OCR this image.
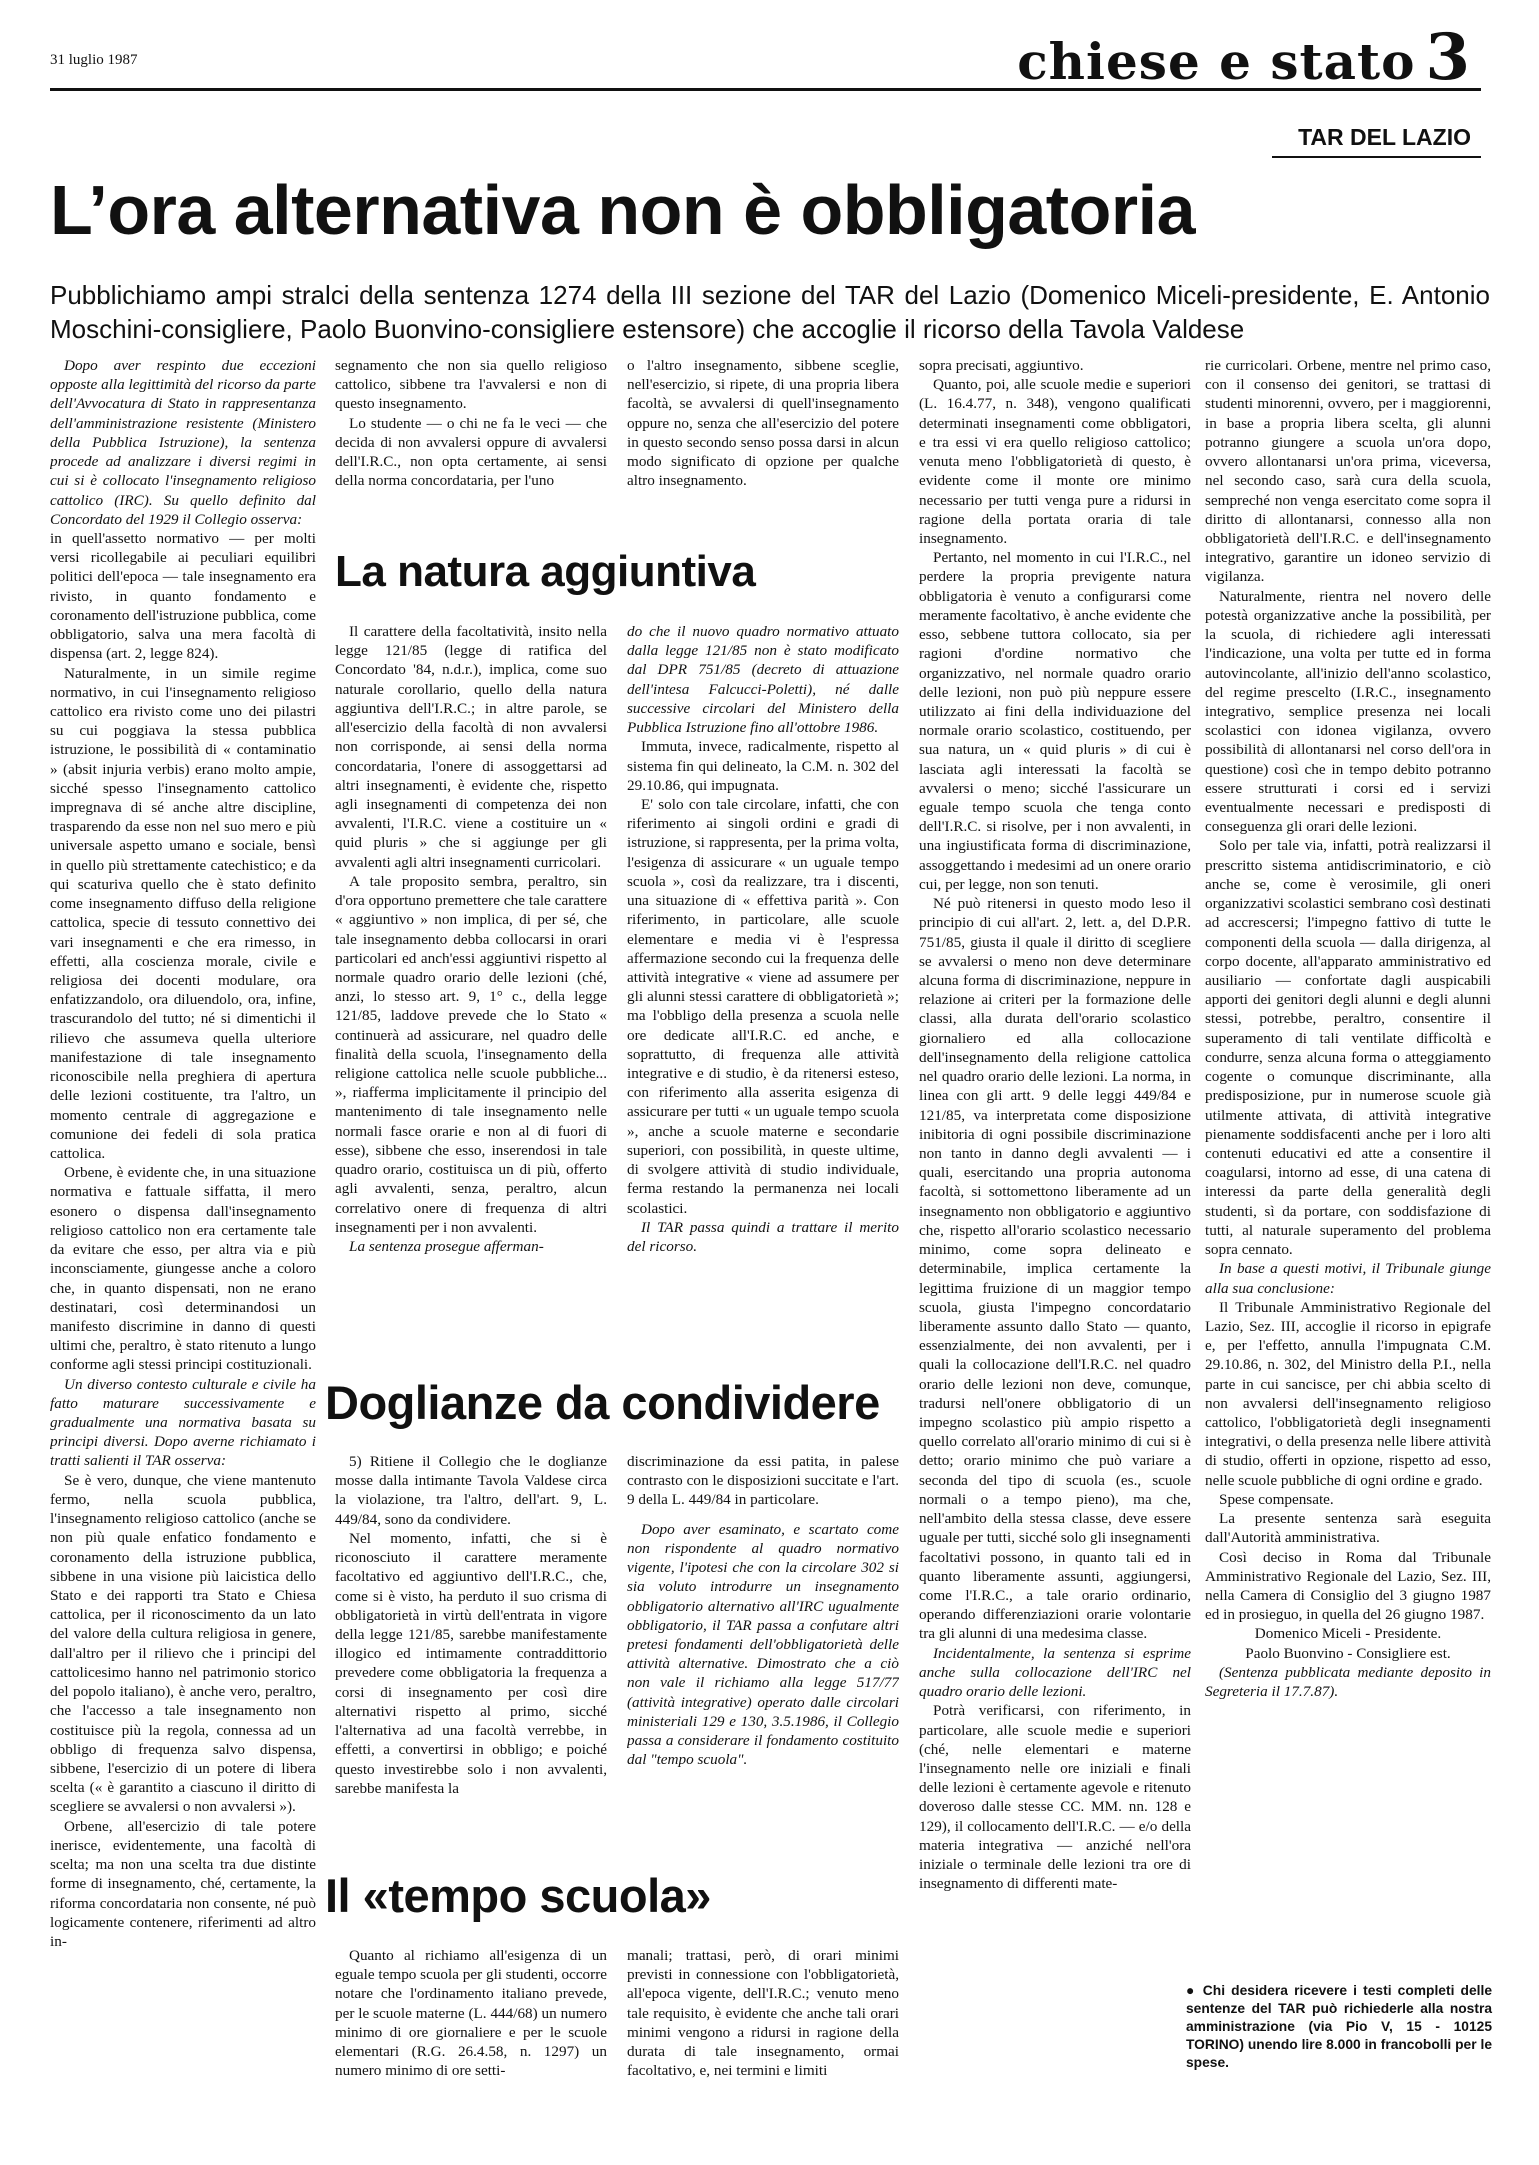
31 luglio 1987	chiese e stato 3
TAR DEL LAZIO
L’ora alternativa non è obbligatoria
Pubblichiamo ampi stralci della sentenza 1274 della III sezione del TAR del Lazio (Domenico Miceli-presidente, E. Antonio Moschini-consigliere, Paolo Buonvino-consigliere estensore) che accoglie il ricorso della Tavola Valdese

Dopo aver respinto due eccezioni opposte alla legittimità del ricorso da parte dell'Avvocatura di Stato in rappresentanza dell'amministrazione resistente (Ministero della Pubblica Istruzione), la sentenza procede ad analizzare i diversi regimi in cui si è collocato l'insegnamento religioso cattolico (IRC). Su quello definito dal Concordato del 1929 il Collegio osserva:

in quell'assetto normativo — per molti versi ricollegabile ai peculiari equilibri politici dell'epoca — tale insegnamento era rivisto, in quanto fondamento e coronamento dell'istruzione pubblica, come obbligatorio, salva una mera facoltà di dispensa (art. 2, legge 824).

Naturalmente, in un simile regime normativo, in cui l'insegnamento religioso cattolico era rivisto come uno dei pilastri su cui poggiava la stessa pubblica istruzione, le possibilità di « contaminatio » (absit injuria verbis) erano molto ampie, sicché spesso l'insegnamento cattolico impregnava di sé anche altre discipline, trasparendo da esse non nel suo mero e più universale aspetto umano e sociale, bensì in quello più strettamente catechistico; e da qui scaturiva quello che è stato definito come insegnamento diffuso della religione cattolica, specie di tessuto connettivo dei vari insegnamenti e che era rimesso, in effetti, alla coscienza morale, civile e religiosa dei docenti modulare, ora enfatizzandolo, ora diluendolo, ora, infine, trascurandolo del tutto; né si dimentichi il rilievo che assumeva quella ulteriore manifestazione di tale insegnamento riconoscibile nella preghiera di apertura delle lezioni costituente, tra l'altro, un momento centrale di aggregazione e comunione dei fedeli di sola pratica cattolica.

Orbene, è evidente che, in una situazione normativa e fattuale siffatta, il mero esonero o dispensa dall'insegnamento religioso cattolico non era certamente tale da evitare che esso, per altra via e più inconsciamente, giungesse anche a coloro che, in quanto dispensati, non ne erano destinatari, così determinandosi un manifesto discrimine in danno di questi ultimi che, peraltro, è stato ritenuto a lungo conforme agli stessi principi costituzionali.

Un diverso contesto culturale e civile ha fatto maturare successivamente e gradualmente una normativa basata su principi diversi. Dopo averne richiamato i tratti salienti il TAR osserva:

Se è vero, dunque, che viene mantenuto fermo, nella scuola pubblica, l'insegnamento religioso cattolico (anche se non più quale enfatico fondamento e coronamento della istruzione pubblica, sibbene in una visione più laicistica dello Stato e dei rapporti tra Stato e Chiesa cattolica, per il riconoscimento da un lato del valore della cultura religiosa in genere, dall'altro per il rilievo che i principi del cattolicesimo hanno nel patrimonio storico del popolo italiano), è anche vero, peraltro, che l'accesso a tale insegnamento non costituisce più la regola, connessa ad un obbligo di frequenza salvo dispensa, sibbene, l'esercizio di un potere di libera scelta (« è garantito a ciascuno il diritto di scegliere se avvalersi o non avvalersi »).

Orbene, all'esercizio di tale potere inerisce, evidentemente, una facoltà di scelta; ma non una scelta tra due distinte forme di insegnamento, ché, certamente, la riforma concordataria non consente, né può logicamente contenere, riferimenti ad altro in-

segnamento che non sia quello religioso cattolico, sibbene tra l'avvalersi e non di questo insegnamento.

Lo studente — o chi ne fa le veci — che decida di non avvalersi oppure di avvalersi dell'I.R.C., non opta certamente, ai sensi della norma concordataria, per l'uno

o l'altro insegnamento, sibbene sceglie, nell'esercizio, si ripete, di una propria libera facoltà, se avvalersi di quell'insegnamento oppure no, senza che all'esercizio del potere in questo secondo senso possa darsi in alcun modo significato di opzione per qualche altro insegnamento.

La natura aggiuntiva

Il carattere della facoltatività, insito nella legge 121/85 (legge di ratifica del Concordato '84, n.d.r.), implica, come suo naturale corollario, quello della natura aggiuntiva dell'I.R.C.; in altre parole, se all'esercizio della facoltà di non avvalersi non corrisponde, ai sensi della norma concordataria, l'onere di assoggettarsi ad altri insegnamenti, è evidente che, rispetto agli insegnamenti di competenza dei non avvalenti, l'I.R.C. viene a costituire un « quid pluris » che si aggiunge per gli avvalenti agli altri insegnamenti curricolari.

A tale proposito sembra, peraltro, sin d'ora opportuno premettere che tale carattere « aggiuntivo » non implica, di per sé, che tale insegnamento debba collocarsi in orari particolari ed anch'essi aggiuntivi rispetto al normale quadro orario delle lezioni (ché, anzi, lo stesso art. 9, 1° c., della legge 121/85, laddove prevede che lo Stato « continuerà ad assicurare, nel quadro delle finalità della scuola, l'insegnamento della religione cattolica nelle scuole pubbliche... », riafferma implicitamente il principio del mantenimento di tale insegnamento nelle normali fasce orarie e non al di fuori di esse), sibbene che esso, inserendosi in tale quadro orario, costituisca un di più, offerto agli avvalenti, senza, peraltro, alcun correlativo onere di frequenza di altri insegnamenti per i non avvalenti.

La sentenza prosegue afferman-

do che il nuovo quadro normativo attuato dalla legge 121/85 non è stato modificato dal DPR 751/85 (decreto di attuazione dell'intesa Falcucci-Poletti), né dalle successive circolari del Ministero della Pubblica Istruzione fino all'ottobre 1986.

Immuta, invece, radicalmente, rispetto al sistema fin qui delineato, la C.M. n. 302 del 29.10.86, qui impugnata.

E' solo con tale circolare, infatti, che con riferimento ai singoli ordini e gradi di istruzione, si rappresenta, per la prima volta, l'esigenza di assicurare « un uguale tempo scuola », così da realizzare, tra i discenti, una situazione di « effettiva parità ». Con riferimento, in particolare, alle scuole elementare e media vi è l'espressa affermazione secondo cui la frequenza delle attività integrative « viene ad assumere per gli alunni stessi carattere di obbligatorietà »; ma l'obbligo della presenza a scuola nelle ore dedicate all'I.R.C. ed anche, e soprattutto, di frequenza alle attività integrative e di studio, è da ritenersi esteso, con riferimento alla asserita esigenza di assicurare per tutti « un uguale tempo scuola », anche a scuole materne e secondarie superiori, con possibilità, in queste ultime, di svolgere attività di studio individuale, ferma restando la permanenza nei locali scolastici.

Il TAR passa quindi a trattare il merito del ricorso.

Doglianze da condividere

5) Ritiene il Collegio che le doglianze mosse dalla intimante Tavola Valdese circa la violazione, tra l'altro, dell'art. 9, L. 449/84, sono da condividere.

Nel momento, infatti, che si è riconosciuto il carattere meramente facoltativo ed aggiuntivo dell'I.R.C., che, come si è visto, ha perduto il suo crisma di obbligatorietà in virtù dell'entrata in vigore della legge 121/85, sarebbe manifestamente illogico ed intimamente contraddittorio prevedere come obbligatoria la frequenza a corsi di insegnamento per così dire alternativi rispetto al primo, sicché l'alternativa ad una facoltà verrebbe, in effetti, a convertirsi in obbligo; e poiché questo investirebbe solo i non avvalenti, sarebbe manifesta la

discriminazione da essi patita, in palese contrasto con le disposizioni succitate e l'art. 9 della L. 449/84 in particolare.

Dopo aver esaminato, e scartato come non rispondente al quadro normativo vigente, l'ipotesi che con la circolare 302 si sia voluto introdurre un insegnamento obbligatorio alternativo all'IRC ugualmente obbligatorio, il TAR passa a confutare altri pretesi fondamenti dell'obbligatorietà delle attività alternative. Dimostrato che a ciò non vale il richiamo alla legge 517/77 (attività integrative) operato dalle circolari ministeriali 129 e 130, 3.5.1986, il Collegio passa a considerare il fondamento costituito dal "tempo scuola".

Il «tempo scuola»

Quanto al richiamo all'esigenza di un eguale tempo scuola per gli studenti, occorre notare che l'ordinamento italiano prevede, per le scuole materne (L. 444/68) un numero minimo di ore giornaliere e per le scuole elementari (R.G. 26.4.58, n. 1297) un numero minimo di ore setti-

manali; trattasi, però, di orari minimi previsti in connessione con l'obbligatorietà, all'epoca vigente, dell'I.R.C.; venuto meno tale requisito, è evidente che anche tali orari minimi vengono a ridursi in ragione della durata di tale insegnamento, ormai facoltativo, e, nei termini e limiti

sopra precisati, aggiuntivo.

Quanto, poi, alle scuole medie e superiori (L. 16.4.77, n. 348), vengono qualificati determinati insegnamenti come obbligatori, e tra essi vi era quello religioso cattolico; venuta meno l'obbligatorietà di questo, è evidente come il monte ore minimo necessario per tutti venga pure a ridursi in ragione della portata oraria di tale insegnamento.

Pertanto, nel momento in cui l'I.R.C., nel perdere la propria previgente natura obbligatoria è venuto a configurarsi come meramente facoltativo, è anche evidente che esso, sebbene tuttora collocato, sia per ragioni d'ordine normativo che organizzativo, nel normale quadro orario delle lezioni, non può più neppure essere utilizzato ai fini della individuazione del normale orario scolastico, costituendo, per sua natura, un « quid pluris » di cui è lasciata agli interessati la facoltà se avvalersi o meno; sicché l'assicurare un eguale tempo scuola che tenga conto dell'I.R.C. si risolve, per i non avvalenti, in una ingiustificata forma di discriminazione, assoggettando i medesimi ad un onere orario cui, per legge, non son tenuti.

Né può ritenersi in questo modo leso il principio di cui all'art. 2, lett. a, del D.P.R. 751/85, giusta il quale il diritto di scegliere se avvalersi o meno non deve determinare alcuna forma di discriminazione, neppure in relazione ai criteri per la formazione delle classi, alla durata dell'orario scolastico giornaliero ed alla collocazione dell'insegnamento della religione cattolica nel quadro orario delle lezioni. La norma, in linea con gli artt. 9 delle leggi 449/84 e 121/85, va interpretata come disposizione inibitoria di ogni possibile discriminazione non tanto in danno degli avvalenti — i quali, esercitando una propria autonoma facoltà, si sottomettono liberamente ad un insegnamento non obbligatorio e aggiuntivo che, rispetto all'orario scolastico necessario minimo, come sopra delineato e determinabile, implica certamente la legittima fruizione di un maggior tempo scuola, giusta l'impegno concordatario liberamente assunto dallo Stato — quanto, essenzialmente, dei non avvalenti, per i quali la collocazione dell'I.R.C. nel quadro orario delle lezioni non deve, comunque, tradursi nell'onere obbligatorio di un impegno scolastico più ampio rispetto a quello correlato all'orario minimo di cui si è detto; orario minimo che può variare a seconda del tipo di scuola (es., scuole normali o a tempo pieno), ma che, nell'ambito della stessa classe, deve essere uguale per tutti, sicché solo gli insegnamenti facoltativi possono, in quanto tali ed in quanto liberamente assunti, aggiungersi, come l'I.R.C., a tale orario ordinario, operando differenziazioni orarie volontarie tra gli alunni di una medesima classe.

Incidentalmente, la sentenza si esprime anche sulla collocazione dell'IRC nel quadro orario delle lezioni.

Potrà verificarsi, con riferimento, in particolare, alle scuole medie e superiori (ché, nelle elementari e materne l'insegnamento nelle ore iniziali e finali delle lezioni è certamente agevole e ritenuto doveroso dalle stesse CC. MM. nn. 128 e 129), il collocamento dell'I.R.C. — e/o della materia integrativa — anziché nell'ora iniziale o terminale delle lezioni tra ore di insegnamento di differenti mate-

rie curricolari. Orbene, mentre nel primo caso, con il consenso dei genitori, se trattasi di studenti minorenni, ovvero, per i maggiorenni, in base a propria libera scelta, gli alunni potranno giungere a scuola un'ora dopo, ovvero allontanarsi un'ora prima, viceversa, nel secondo caso, sarà cura della scuola, sempreché non venga esercitato come sopra il diritto di allontanarsi, connesso alla non obbligatorietà dell'I.R.C. e dell'insegnamento integrativo, garantire un idoneo servizio di vigilanza.

Naturalmente, rientra nel novero delle potestà organizzative anche la possibilità, per la scuola, di richiedere agli interessati l'indicazione, una volta per tutte ed in forma autovincolante, all'inizio dell'anno scolastico, del regime prescelto (I.R.C., insegnamento integrativo, semplice presenza nei locali scolastici con idonea vigilanza, ovvero possibilità di allontanarsi nel corso dell'ora in questione) così che in tempo debito potranno essere strutturati i corsi ed i servizi eventualmente necessari e predisposti di conseguenza gli orari delle lezioni.

Solo per tale via, infatti, potrà realizzarsi il prescritto sistema antidiscriminatorio, e ciò anche se, come è verosimile, gli oneri organizzativi scolastici sembrano così destinati ad accrescersi; l'impegno fattivo di tutte le componenti della scuola — dalla dirigenza, al corpo docente, all'apparato amministrativo ed ausiliario — confortate dagli auspicabili apporti dei genitori degli alunni e degli alunni stessi, potrebbe, peraltro, consentire il superamento di tali ventilate difficoltà e condurre, senza alcuna forma o atteggiamento cogente o comunque discriminante, alla predisposizione, pur in numerose scuole già utilmente attivata, di attività integrative pienamente soddisfacenti anche per i loro alti contenuti educativi ed atte a consentire il coagularsi, intorno ad esse, di una catena di interessi da parte della generalità degli studenti, sì da portare, con soddisfazione di tutti, al naturale superamento del problema sopra cennato.

In base a questi motivi, il Tribunale giunge alla sua conclusione:

Il Tribunale Amministrativo Regionale del Lazio, Sez. III, accoglie il ricorso in epigrafe e, per l'effetto, annulla l'impugnata C.M. 29.10.86, n. 302, del Ministro della P.I., nella parte in cui sancisce, per chi abbia scelto di non avvalersi dell'insegnamento religioso cattolico, l'obbligatorietà degli insegnamenti integrativi, o della presenza nelle libere attività di studio, offerti in opzione, rispetto ad esso, nelle scuole pubbliche di ogni ordine e grado.

Spese compensate.

La presente sentenza sarà eseguita dall'Autorità amministrativa.

Così deciso in Roma dal Tribunale Amministrativo Regionale del Lazio, Sez. III, nella Camera di Consiglio del 3 giugno 1987 ed in prosieguo, in quella del 26 giugno 1987.

Domenico Miceli - Presidente.

Paolo Buonvino - Consigliere est.

(Sentenza pubblicata mediante deposito in Segreteria il 17.7.87).

● Chi desidera ricevere i testi completi delle sentenze del TAR può richiederle alla nostra amministrazione (via Pio V, 15 - 10125 TORINO) unendo lire 8.000 in francobolli per le spese.
